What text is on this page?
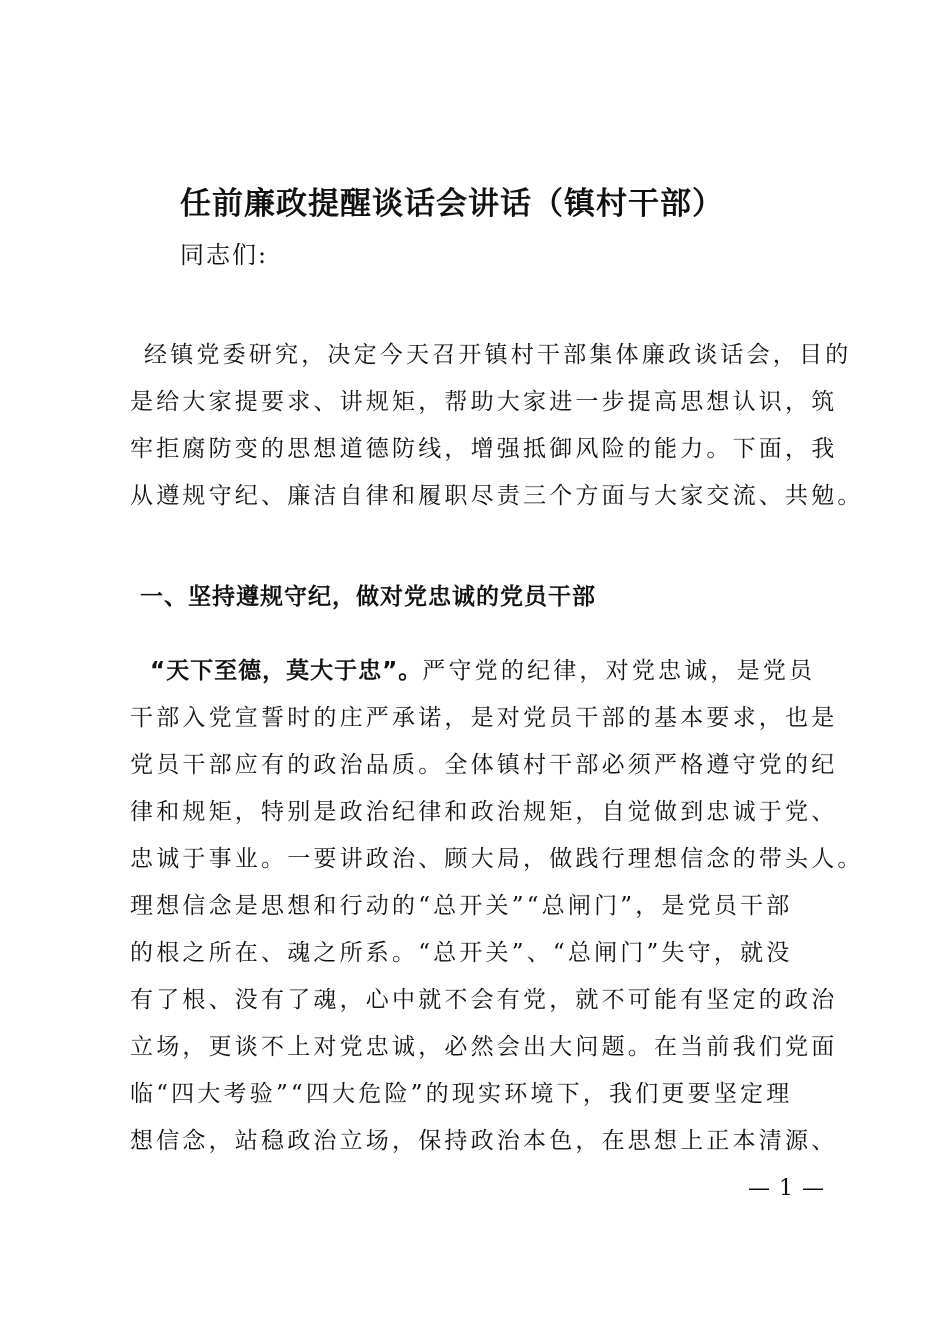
任前廉政提醒谈话会讲话（镇村干部）

同志们:

经镇党委研究，决定今天召开镇村干部集体廉政谈话会，目的
是给大家提要求、讲规矩，帮助大家进一步提高思想认识，筑
牢拒腐防变的思想道德防线，增强抵御风险的能力。下面，我
从遵规守纪、廉洁自律和履职尽责三个方面与大家交流、共勉。
一、坚持遵规守纪，做对党忠诚的党员干部
“天下至德，莫大于忠”。严守党的纪律，对党忠诚，是党员
干部入党宣誓时的庄严承诺，是对党员干部的基本要求，也是
党员干部应有的政治品质。全体镇村干部必须严格遵守党的纪
律和规矩，特别是政治纪律和政治规矩，自觉做到忠诚于党、
忠诚于事业。一要讲政治、顾大局，做践行理想信念的带头人。
理想信念是思想和行动的“总开关”“总闸门”，是党员干部
的根之所在、魂之所系。“总开关”、“总闸门”失守，就没
有了根、没有了魂，心中就不会有党，就不可能有坚定的政治
立场，更谈不上对党忠诚，必然会出大问题。在当前我们党面
临“四大考验”“四大危险”的现实环境下，我们更要坚定理
想信念，站稳政治立场，保持政治本色，在思想上正本清源、
— 1 —
